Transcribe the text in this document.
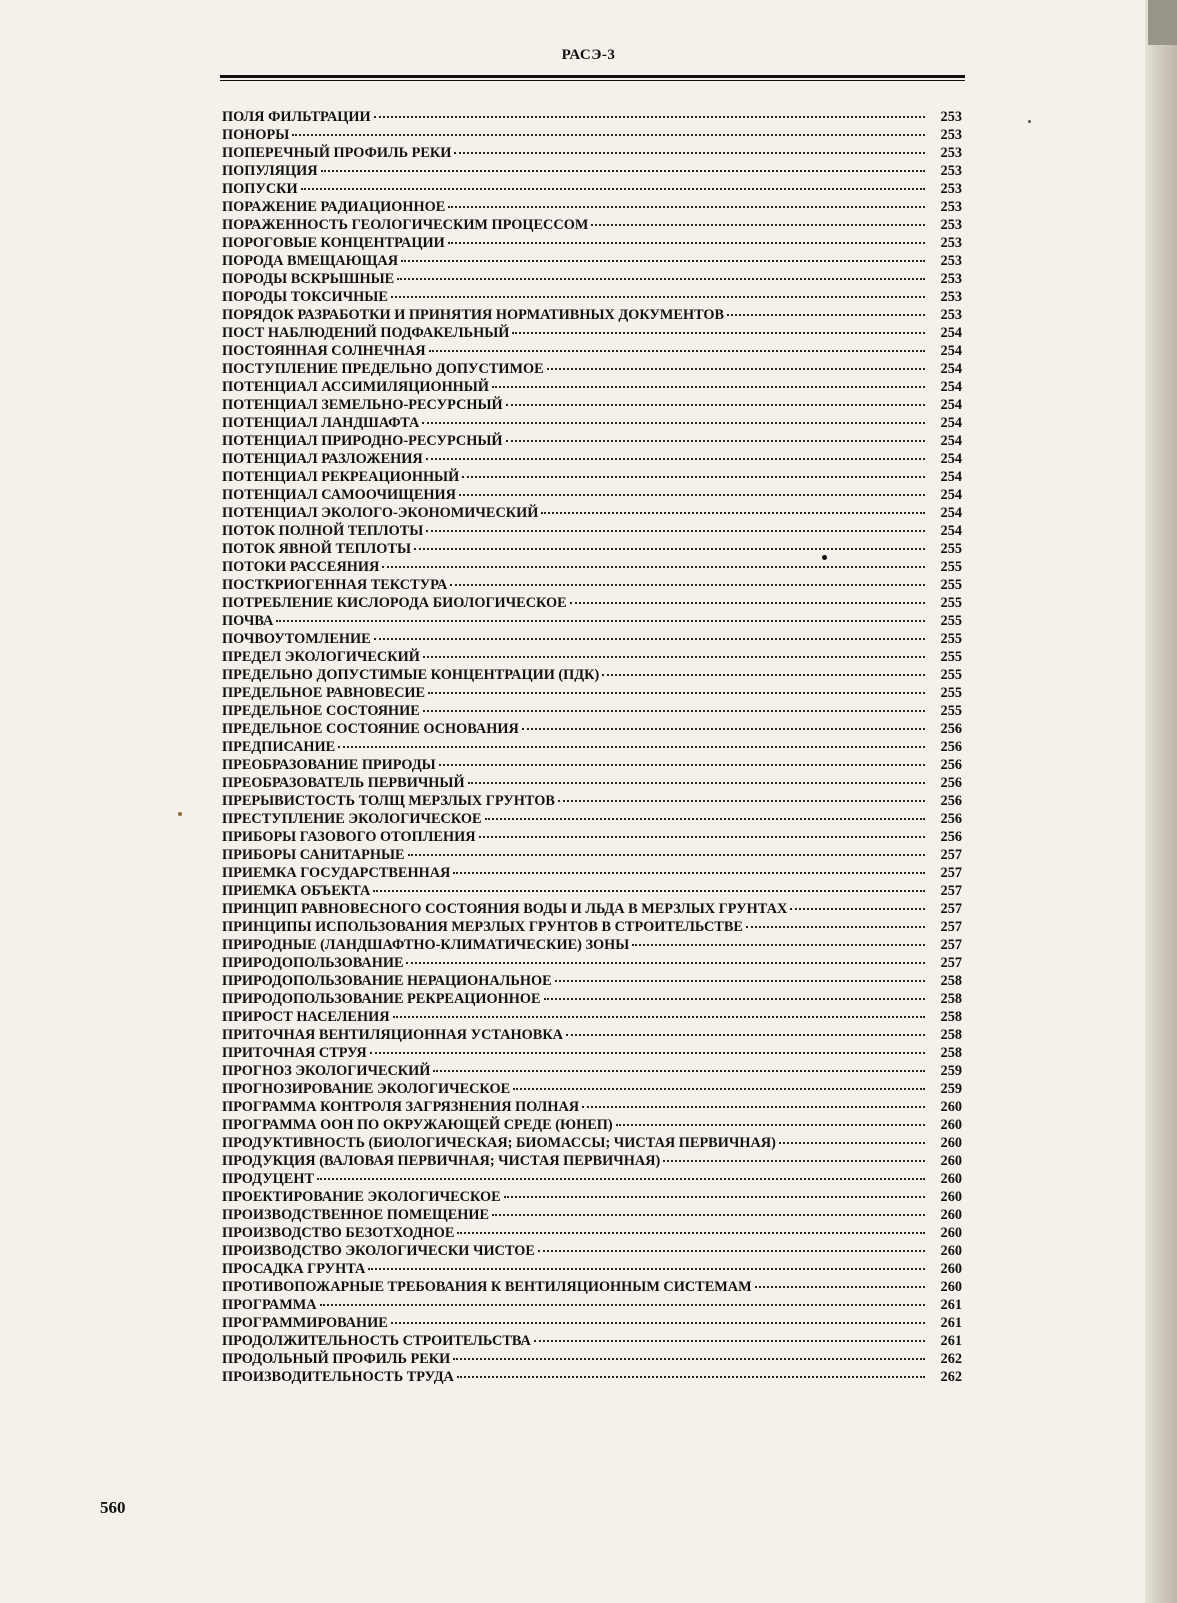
РАСЭ-3
ПОЛЯ ФИЛЬТРАЦИИ	253
ПОНОРЫ	253
ПОПЕРЕЧНЫЙ ПРОФИЛЬ РЕКИ	253
ПОПУЛЯЦИЯ	253
ПОПУСКИ	253
ПОРАЖЕНИЕ РАДИАЦИОННОЕ	253
ПОРАЖЕННОСТЬ ГЕОЛОГИЧЕСКИМ ПРОЦЕССОМ	253
ПОРОГОВЫЕ КОНЦЕНТРАЦИИ	253
ПОРОДА ВМЕЩАЮЩАЯ	253
ПОРОДЫ ВСКРЫШНЫЕ	253
ПОРОДЫ ТОКСИЧНЫЕ	253
ПОРЯДОК РАЗРАБОТКИ И ПРИНЯТИЯ НОРМАТИВНЫХ ДОКУМЕНТОВ	253
ПОСТ НАБЛЮДЕНИЙ ПОДФАКЕЛЬНЫЙ	254
ПОСТОЯННАЯ СОЛНЕЧНАЯ	254
ПОСТУПЛЕНИЕ ПРЕДЕЛЬНО ДОПУСТИМОЕ	254
ПОТЕНЦИАЛ АССИМИЛЯЦИОННЫЙ	254
ПОТЕНЦИАЛ ЗЕМЕЛЬНО-РЕСУРСНЫЙ	254
ПОТЕНЦИАЛ ЛАНДШАФТА	254
ПОТЕНЦИАЛ ПРИРОДНО-РЕСУРСНЫЙ	254
ПОТЕНЦИАЛ РАЗЛОЖЕНИЯ	254
ПОТЕНЦИАЛ РЕКРЕАЦИОННЫЙ	254
ПОТЕНЦИАЛ САМООЧИЩЕНИЯ	254
ПОТЕНЦИАЛ ЭКОЛОГО-ЭКОНОМИЧЕСКИЙ	254
ПОТОК ПОЛНОЙ ТЕПЛОТЫ	254
ПОТОК ЯВНОЙ ТЕПЛОТЫ	255
ПОТОКИ РАССЕЯНИЯ	255
ПОСТКРИОГЕННАЯ ТЕКСТУРА	255
ПОТРЕБЛЕНИЕ КИСЛОРОДА БИОЛОГИЧЕСКОЕ	255
ПОЧВА	255
ПОЧВОУТОМЛЕНИЕ	255
ПРЕДЕЛ ЭКОЛОГИЧЕСКИЙ	255
ПРЕДЕЛЬНО ДОПУСТИМЫЕ КОНЦЕНТРАЦИИ (ПДК)	255
ПРЕДЕЛЬНОЕ РАВНОВЕСИЕ	255
ПРЕДЕЛЬНОЕ СОСТОЯНИЕ	255
ПРЕДЕЛЬНОЕ СОСТОЯНИЕ ОСНОВАНИЯ	256
ПРЕДПИСАНИЕ	256
ПРЕОБРАЗОВАНИЕ ПРИРОДЫ	256
ПРЕОБРАЗОВАТЕЛЬ ПЕРВИЧНЫЙ	256
ПРЕРЫВИСТОСТЬ ТОЛЩ МЕРЗЛЫХ ГРУНТОВ	256
ПРЕСТУПЛЕНИЕ ЭКОЛОГИЧЕСКОЕ	256
ПРИБОРЫ ГАЗОВОГО ОТОПЛЕНИЯ	256
ПРИБОРЫ САНИТАРНЫЕ	257
ПРИЕМКА ГОСУДАРСТВЕННАЯ	257
ПРИЕМКА ОБЪЕКТА	257
ПРИНЦИП РАВНОВЕСНОГО СОСТОЯНИЯ ВОДЫ И ЛЬДА В МЕРЗЛЫХ ГРУНТАХ	257
ПРИНЦИПЫ ИСПОЛЬЗОВАНИЯ МЕРЗЛЫХ ГРУНТОВ В СТРОИТЕЛЬСТВЕ	257
ПРИРОДНЫЕ (ЛАНДШАФТНО-КЛИМАТИЧЕСКИЕ) ЗОНЫ	257
ПРИРОДОПОЛЬЗОВАНИЕ	257
ПРИРОДОПОЛЬЗОВАНИЕ НЕРАЦИОНАЛЬНОЕ	258
ПРИРОДОПОЛЬЗОВАНИЕ РЕКРЕАЦИОННОЕ	258
ПРИРОСТ НАСЕЛЕНИЯ	258
ПРИТОЧНАЯ ВЕНТИЛЯЦИОННАЯ УСТАНОВКА	258
ПРИТОЧНАЯ СТРУЯ	258
ПРОГНОЗ ЭКОЛОГИЧЕСКИЙ	259
ПРОГНОЗИРОВАНИЕ ЭКОЛОГИЧЕСКОЕ	259
ПРОГРАММА КОНТРОЛЯ ЗАГРЯЗНЕНИЯ ПОЛНАЯ	260
ПРОГРАММА ООН ПО ОКРУЖАЮЩЕЙ СРЕДЕ (ЮНЕП)	260
ПРОДУКТИВНОСТЬ (БИОЛОГИЧЕСКАЯ; БИОМАССЫ; ЧИСТАЯ ПЕРВИЧНАЯ)	260
ПРОДУКЦИЯ (ВАЛОВАЯ ПЕРВИЧНАЯ; ЧИСТАЯ ПЕРВИЧНАЯ)	260
ПРОДУЦЕНТ	260
ПРОЕКТИРОВАНИЕ ЭКОЛОГИЧЕСКОЕ	260
ПРОИЗВОДСТВЕННОЕ ПОМЕЩЕНИЕ	260
ПРОИЗВОДСТВО БЕЗОТХОДНОЕ	260
ПРОИЗВОДСТВО ЭКОЛОГИЧЕСКИ ЧИСТОЕ	260
ПРОСАДКА ГРУНТА	260
ПРОТИВОПОЖАРНЫЕ ТРЕБОВАНИЯ К ВЕНТИЛЯЦИОННЫМ СИСТЕМАМ	260
ПРОГРАММА	261
ПРОГРАММИРОВАНИЕ	261
ПРОДОЛЖИТЕЛЬНОСТЬ СТРОИТЕЛЬСТВА	261
ПРОДОЛЬНЫЙ ПРОФИЛЬ РЕКИ	262
ПРОИЗВОДИТЕЛЬНОСТЬ ТРУДА	262
560
